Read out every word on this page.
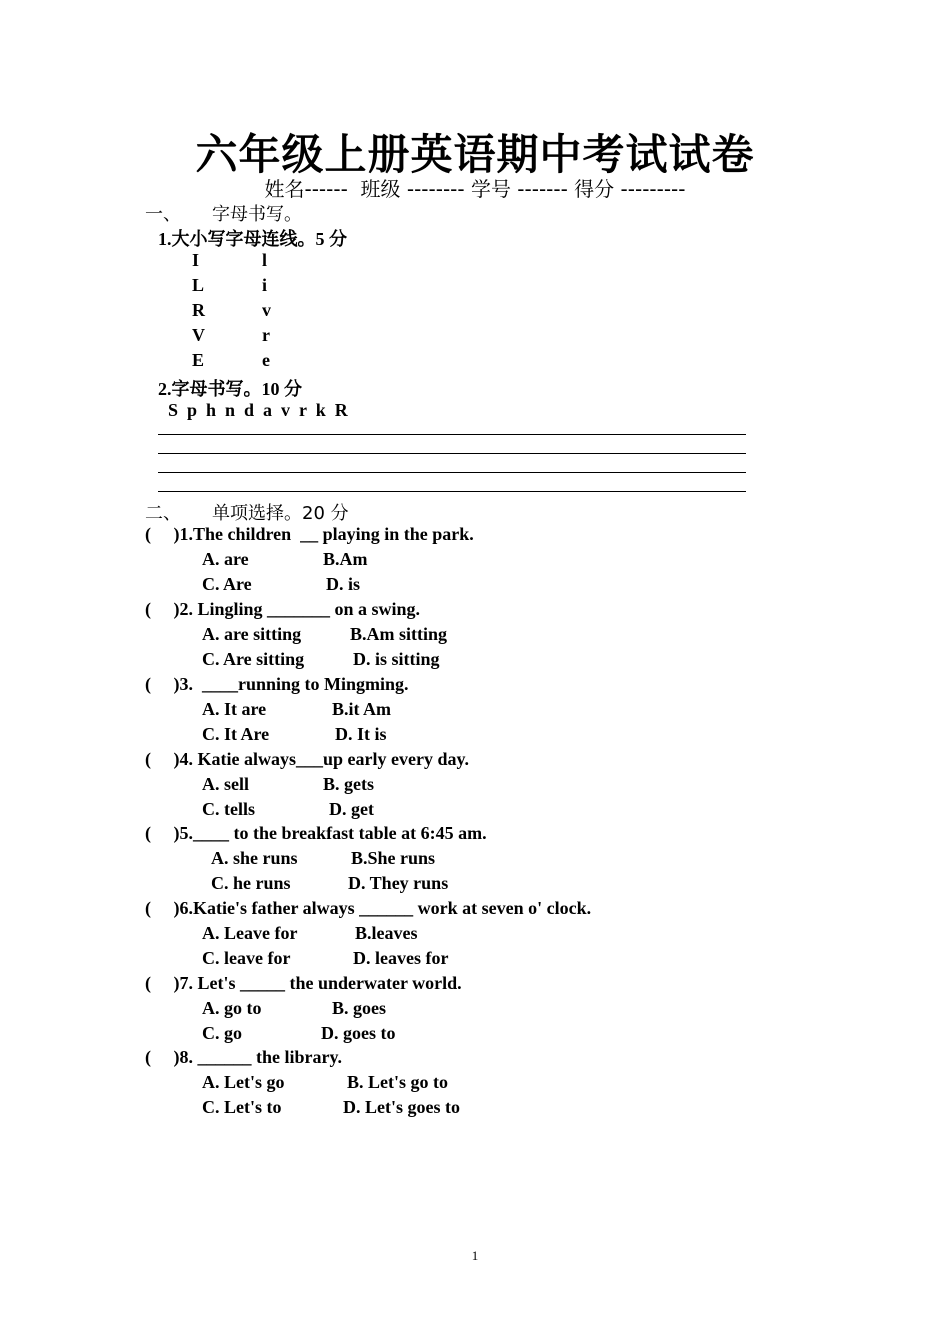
六年级上册英语期中考试试卷
姓名------  班级 -------- 学号 ------- 得分 ---------
一、 字母书写。
1.大小写字母连线。5 分
I	l
L	i
R	v
V	r
E	e
2.字母书写。10 分
S  p  h  n  d  a  v  r  k  R
二、 单项选择。20 分
(     )1.The children  __ playing in the park.
A. are	B.Am
C. Are	D. is
(     )2. Lingling _______ on a swing.
A. are sitting	B.Am sitting
C. Are sitting	D. is sitting
(     )3.  ____running to Mingming.
A. It are	B.it Am
C. It Are	D. It is
(     )4. Katie always___up early every day.
A. sell	B. gets
C. tells	D. get
(     )5.____ to the breakfast table at 6:45 am.
A. she runs	B.She runs
C. he runs	D. They runs
(     )6.Katie's father always ______ work at seven o' clock.
A. Leave for	B.leaves
C. leave for	D. leaves for
(     )7. Let's _____ the underwater world.
A. go to	B. goes
C. go	D. goes to
(     )8. ______ the library.
A. Let's go	B. Let's go to
C. Let's to	D. Let's goes to
1
